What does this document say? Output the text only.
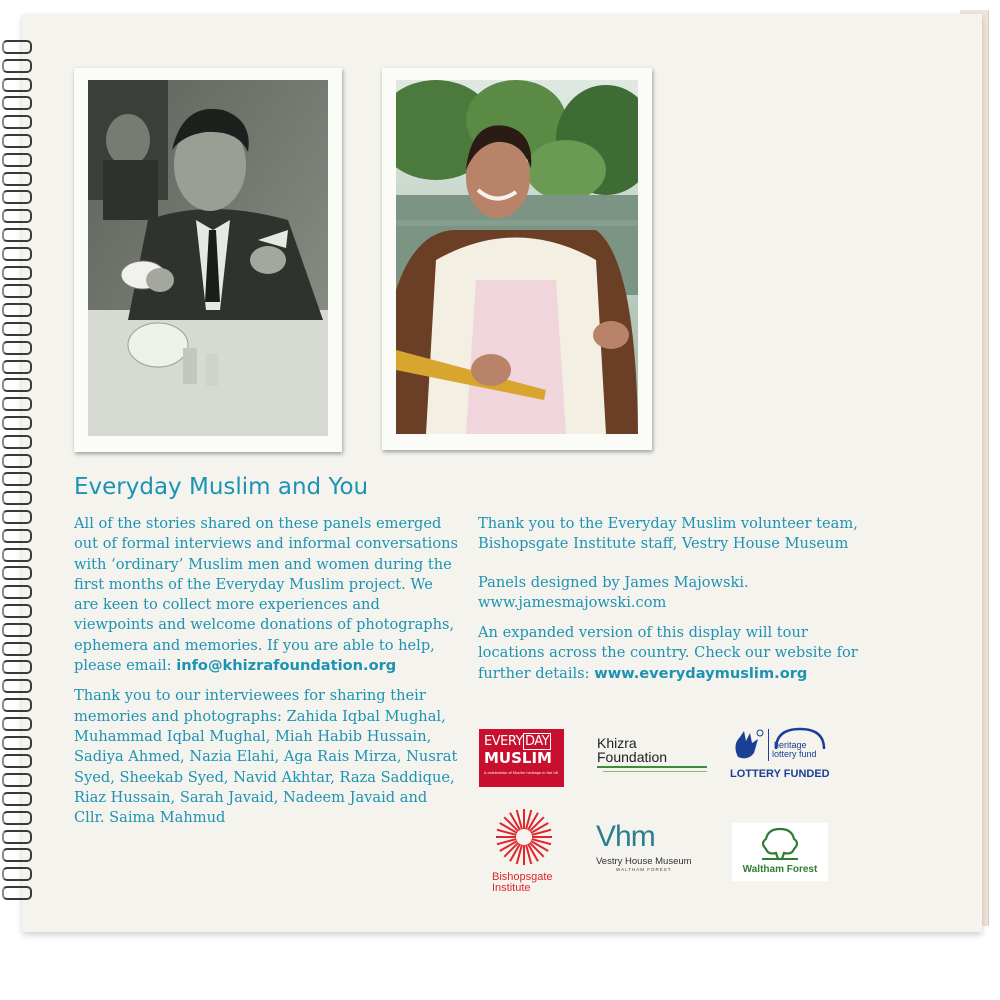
Everyday Muslim and You

All of the stories shared on these panels emerged out of formal interviews and informal conversations with ‘ordinary’ Muslim men and women during the first months of the Everyday Muslim project. We are keen to collect more experiences and viewpoints and welcome donations of photographs, ephemera and memories. If you are able to help, please email: info@khizrafoundation.org

Thank you to our interviewees for sharing their memories and photographs: Zahida Iqbal Mughal, Muhammad Iqbal Mughal, Miah Habib Hussain, Sadiya Ahmed, Nazia Elahi, Aga Rais Mirza, Nusrat Syed, Sheekab Syed, Navid Akhtar, Raza Saddique, Riaz Hussain, Sarah Javaid, Nadeem Javaid and Cllr. Saima Mahmud

Thank you to the Everyday Muslim volunteer team, Bishopsgate Institute staff, Vestry House Museum

Panels designed by James Majowski.
www.jamesmajowski.com

An expanded version of this display will tour locations across the country. Check our website for further details: www.everydaymuslim.org

EVERY DAY
MUSLIM
A celebration of Muslim heritage in the UK
Khizra
Foundation
heritage
lottery fund
LOTTERY FUNDED
Bishopsgate
Institute
Vhm
Vestry House Museum
WALTHAM FOREST	Waltham Forest
